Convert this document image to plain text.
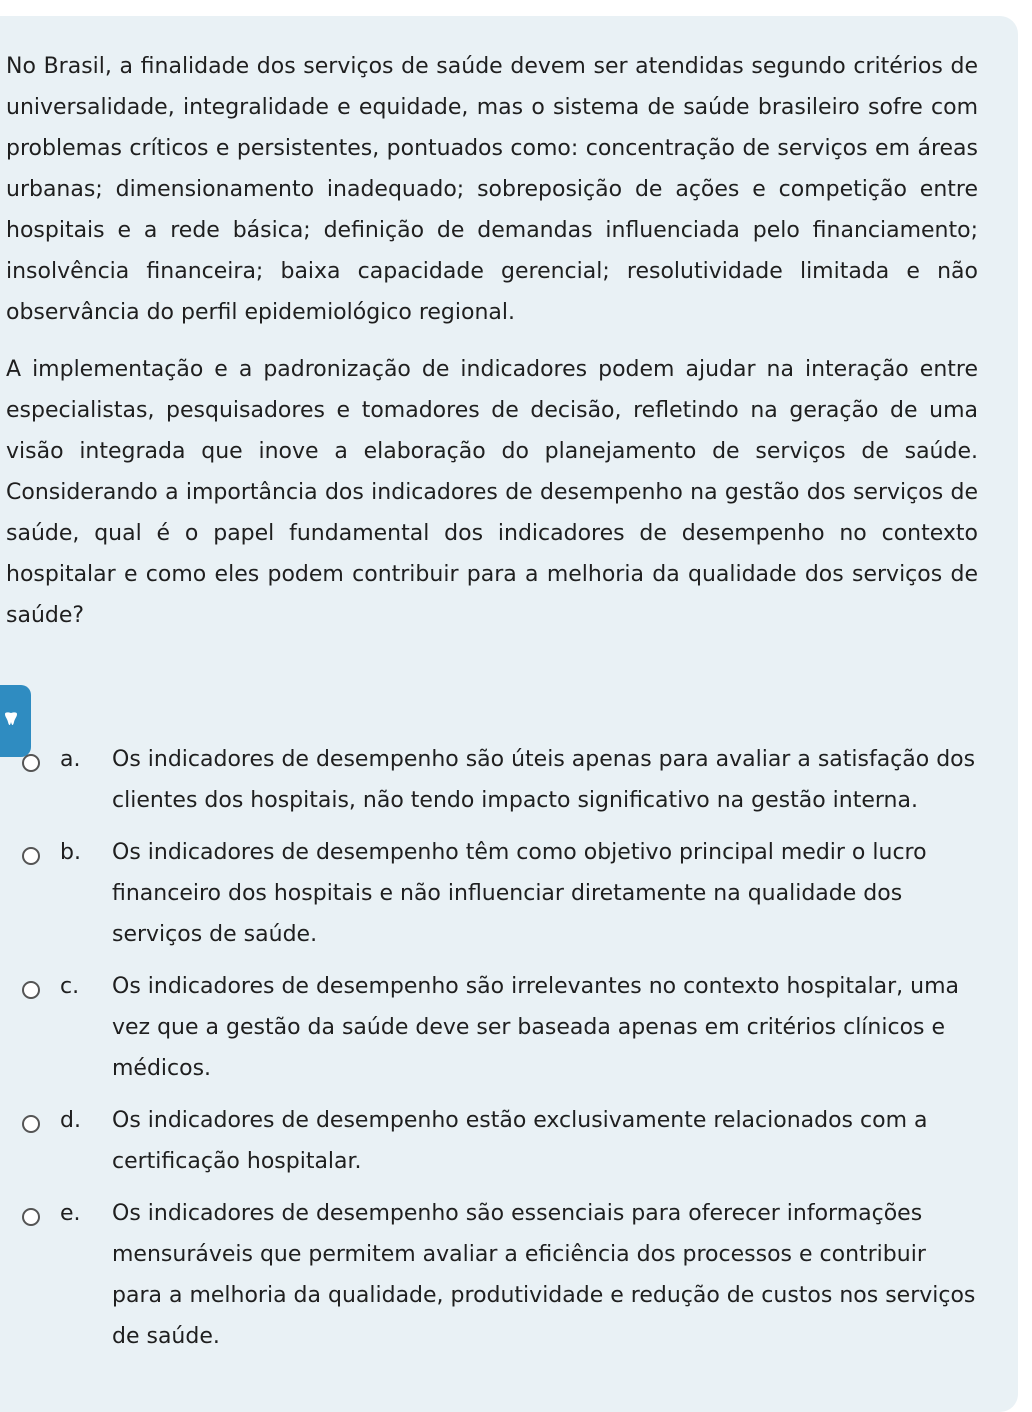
No Brasil, a finalidade dos serviços de saúde devem ser atendidas segundo critérios de universalidade, integralidade e equidade, mas o sistema de saúde brasileiro sofre com problemas críticos e persistentes, pontuados como: concentração de serviços em áreas urbanas; dimensionamento inadequado; sobreposição de ações e competição entre hospitais e a rede básica; definição de demandas influenciada pelo financiamento; insolvência financeira; baixa capacidade gerencial; resolutividade limitada e não observância do perfil epidemiológico regional.

A implementação e a padronização de indicadores podem ajudar na interação entre especialistas, pesquisadores e tomadores de decisão, refletindo na geração de uma visão integrada que inove a elaboração do planejamento de serviços de saúde. Considerando a importância dos indicadores de desempenho na gestão dos serviços de saúde, qual é o papel fundamental dos indicadores de desempenho no contexto hospitalar e como eles podem contribuir para a melhoria da qualidade dos serviços de saúde?

a. Os indicadores de desempenho são úteis apenas para avaliar a satisfação dos clientes dos hospitais, não tendo impacto significativo na gestão interna.
b. Os indicadores de desempenho têm como objetivo principal medir o lucro financeiro dos hospitais e não influenciar diretamente na qualidade dos serviços de saúde.
c. Os indicadores de desempenho são irrelevantes no contexto hospitalar, uma vez que a gestão da saúde deve ser baseada apenas em critérios clínicos e médicos.
d. Os indicadores de desempenho estão exclusivamente relacionados com a certificação hospitalar.
e. Os indicadores de desempenho são essenciais para oferecer informações mensuráveis que permitem avaliar a eficiência dos processos e contribuir para a melhoria da qualidade, produtividade e redução de custos nos serviços de saúde.
